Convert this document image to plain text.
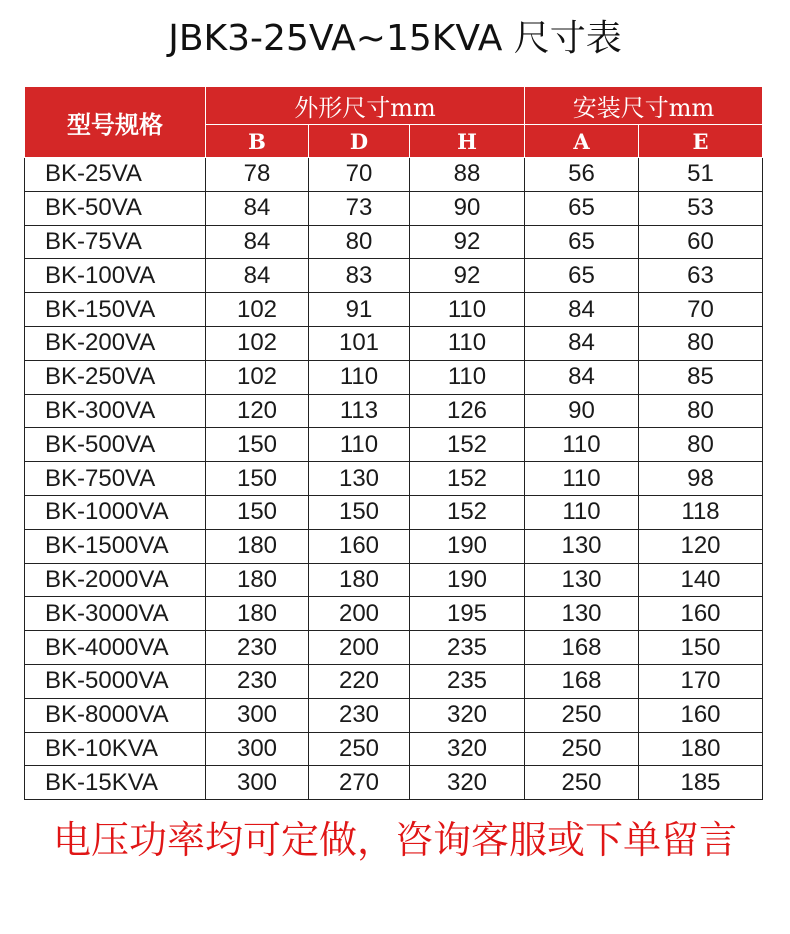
JBK3-25VA~15KVA 尺寸表
型号规格	外形尺寸mm			安装尺寸mm	
	B	D	H	A	E
BK-25VA	78	70	88	56	51
BK-50VA	84	73	90	65	53
BK-75VA	84	80	92	65	60
BK-100VA	84	83	92	65	63
BK-150VA	102	91	110	84	70
BK-200VA	102	101	110	84	80
BK-250VA	102	110	110	84	85
BK-300VA	120	113	126	90	80
BK-500VA	150	110	152	110	80
BK-750VA	150	130	152	110	98
BK-1000VA	150	150	152	110	118
BK-1500VA	180	160	190	130	120
BK-2000VA	180	180	190	130	140
BK-3000VA	180	200	195	130	160
BK-4000VA	230	200	235	168	150
BK-5000VA	230	220	235	168	170
BK-8000VA	300	230	320	250	160
BK-10KVA	300	250	320	250	180
BK-15KVA	300	270	320	250	185
电压功率均可定做，咨询客服或下单留言
